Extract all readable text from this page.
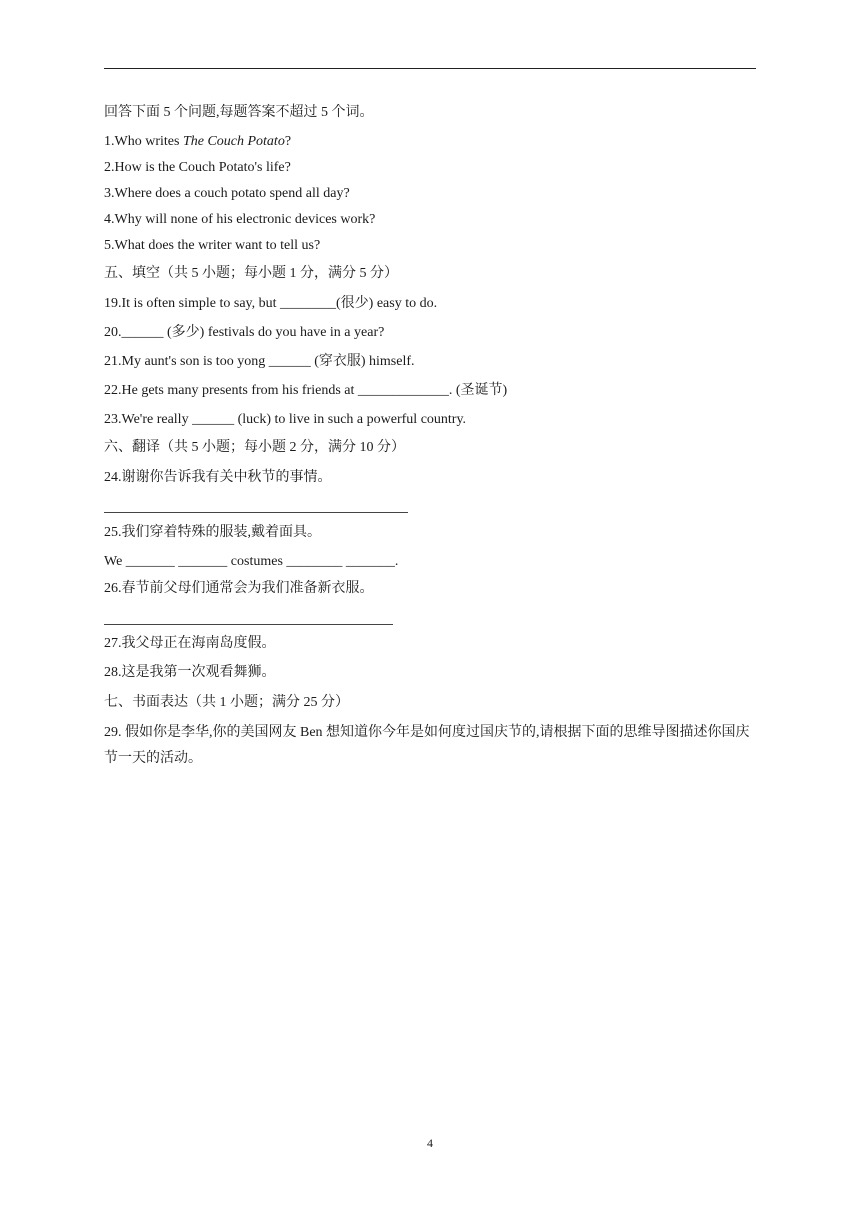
回答下面 5 个问题,每题答案不超过 5 个词。
1.Who writes The Couch Potato?
2.How is the Couch Potato's life?
3.Where does a couch potato spend all day?
4.Why will none of his electronic devices work?
5.What does the writer want to tell us?
五、填空（共 5 小题；每小题 1 分，满分 5 分）
19.It is often simple to say, but ________(很少) easy to do.
20.______ (多少) festivals do you have in a year?
21.My aunt's son is too yong ______ (穿衣服) himself.
22.He gets many presents from his friends at _____________. (圣诞节)
23.We're really ______ (luck) to live in such a powerful country.
六、翻译（共 5 小题；每小题 2 分，满分 10 分）
24.谢谢你告诉我有关中秋节的事情。
25.我们穿着特殊的服装,戴着面具。
We _______ _______ costumes ________ _______.
26.春节前父母们通常会为我们准备新衣服。
27.我父母正在海南岛度假。
28.这是我第一次观看舞狮。
七、书面表达（共 1 小题；满分 25 分）
29. 假如你是李华,你的美国网友 Ben 想知道你今年是如何度过国庆节的,请根据下面的思维导图描述你国庆节一天的活动。
4
